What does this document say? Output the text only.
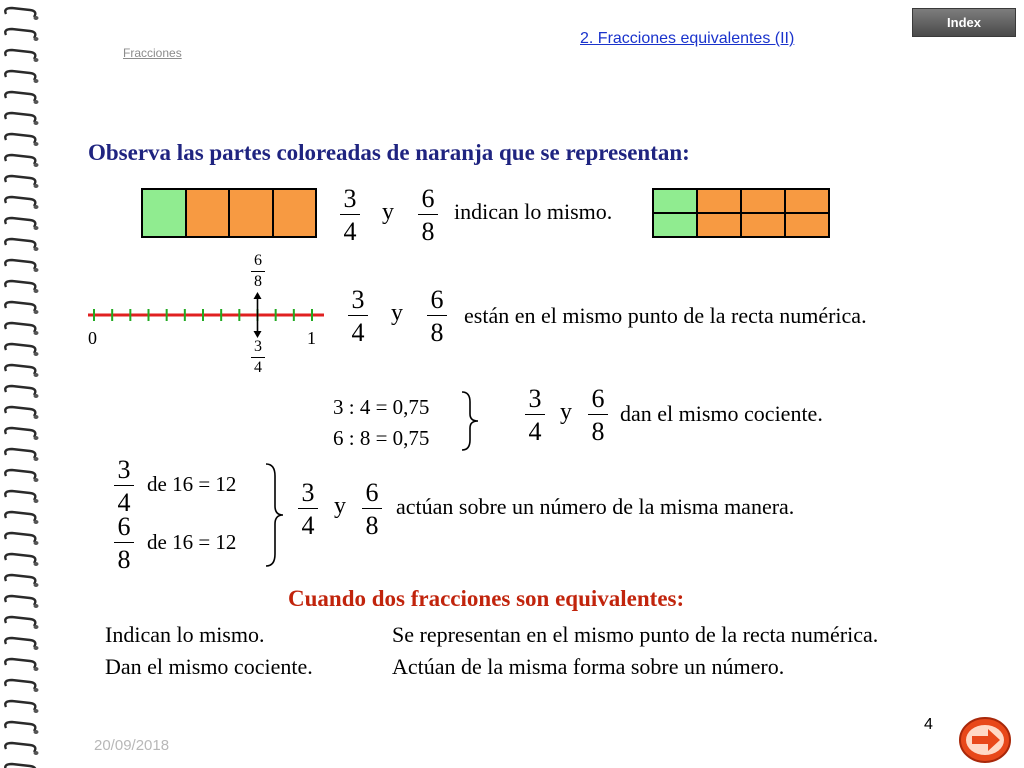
Index
2. Fracciones equivalentes (II)
Fracciones
Observa las partes coloreadas de naranja que se representan:
3
4
y	6
8
indican lo mismo.
6
8
0	1
3
4
3
4
y	6
8
están en el mismo punto de la recta numérica.
3 : 4 = 0,75
6 : 8 = 0,75
3
4
y 6
8
dan el mismo cociente.
3
4
de 16 = 12
6
8
de 16 = 12
3
4
y 6
8
actúan sobre un número de la misma manera.
Cuando dos fracciones son equivalentes:
Indican lo mismo.	Se representan en el mismo punto de la recta numérica.
Dan el mismo cociente.	Actúan de la misma forma sobre un número.
20/09/2018
4
